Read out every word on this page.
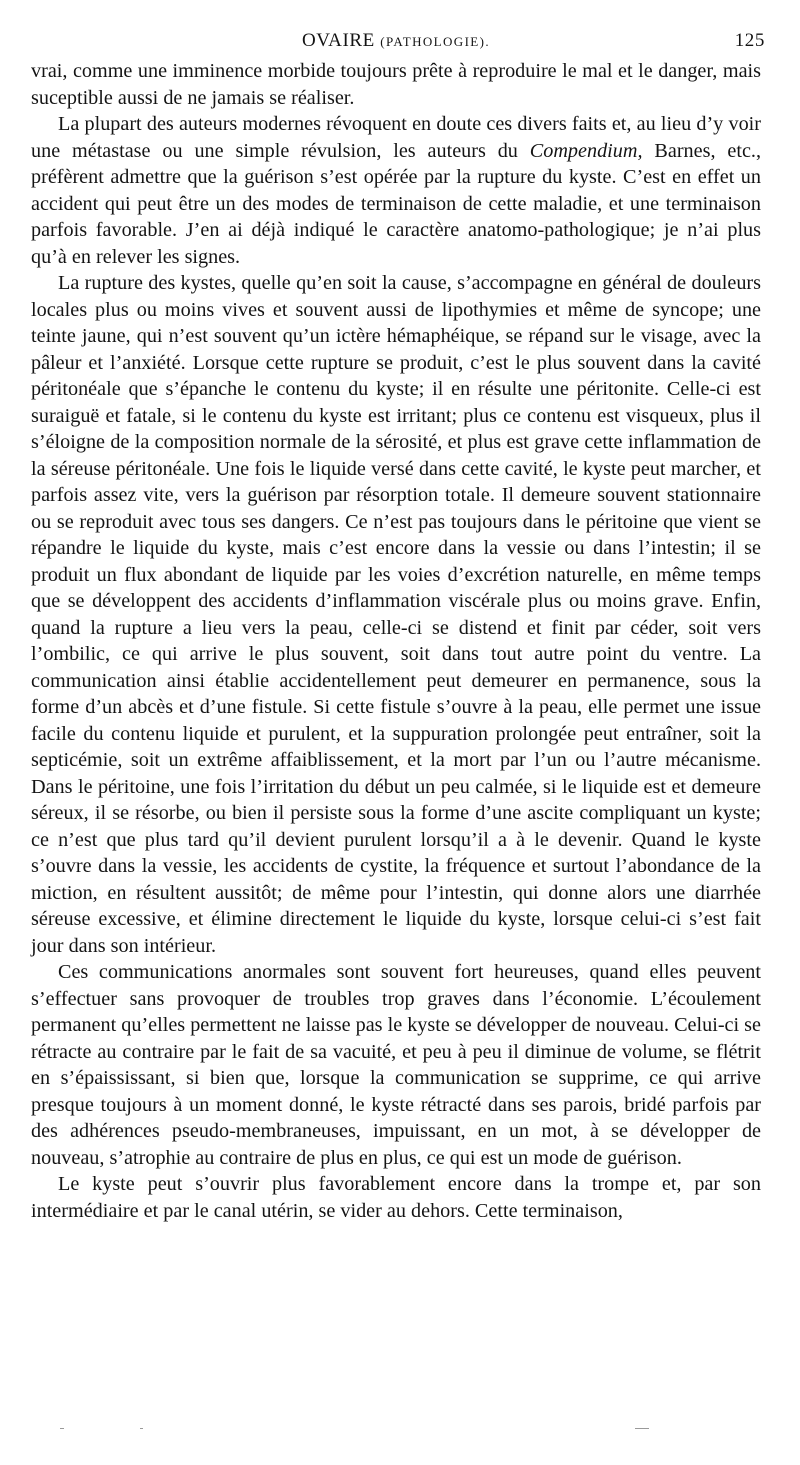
OVAIRE (PATHOLOGIE).	125

vrai, comme une imminence morbide toujours prête à reproduire le mal et le danger, mais suceptible aussi de ne jamais se réaliser.

La plupart des auteurs modernes révoquent en doute ces divers faits et, au lieu d’y voir une métastase ou une simple révulsion, les auteurs du Compendium, Barnes, etc., préfèrent admettre que la guérison s’est opérée par la rupture du kyste. C’est en effet un accident qui peut être un des modes de terminaison de cette maladie, et une terminaison parfois favorable. J’en ai déjà indiqué le caractère anatomo-pathologique; je n’ai plus qu’à en relever les signes.

La rupture des kystes, quelle qu’en soit la cause, s’accompagne en général de douleurs locales plus ou moins vives et souvent aussi de lipothymies et même de syncope; une teinte jaune, qui n’est souvent qu’un ictère hémaphéique, se répand sur le visage, avec la pâleur et l’anxiété. Lorsque cette rupture se produit, c’est le plus souvent dans la cavité péritonéale que s’épanche le contenu du kyste; il en résulte une péritonite. Celle-ci est suraiguë et fatale, si le contenu du kyste est irritant; plus ce contenu est visqueux, plus il s’éloigne de la composition normale de la sérosité, et plus est grave cette inflammation de la séreuse péritonéale. Une fois le liquide versé dans cette cavité, le kyste peut marcher, et parfois assez vite, vers la guérison par résorption totale. Il demeure souvent stationnaire ou se reproduit avec tous ses dangers. Ce n’est pas toujours dans le péritoine que vient se répandre le liquide du kyste, mais c’est encore dans la vessie ou dans l’intestin; il se produit un flux abondant de liquide par les voies d’excrétion naturelle, en même temps que se développent des accidents d’inflammation viscérale plus ou moins grave. Enfin, quand la rupture a lieu vers la peau, celle-ci se distend et finit par céder, soit vers l’ombilic, ce qui arrive le plus souvent, soit dans tout autre point du ventre. La communication ainsi établie accidentellement peut demeurer en permanence, sous la forme d’un abcès et d’une fistule. Si cette fistule s’ouvre à la peau, elle permet une issue facile du contenu liquide et purulent, et la suppuration prolongée peut entraîner, soit la septicémie, soit un extrême affaiblissement, et la mort par l’un ou l’autre mécanisme. Dans le péritoine, une fois l’irritation du début un peu calmée, si le liquide est et demeure séreux, il se résorbe, ou bien il persiste sous la forme d’une ascite compliquant un kyste; ce n’est que plus tard qu’il devient purulent lorsqu’il a à le devenir. Quand le kyste s’ouvre dans la vessie, les accidents de cystite, la fréquence et surtout l’abondance de la miction, en résultent aussitôt; de même pour l’intestin, qui donne alors une diarrhée séreuse excessive, et élimine directement le liquide du kyste, lorsque celui-ci s’est fait jour dans son intérieur.

Ces communications anormales sont souvent fort heureuses, quand elles peuvent s’effectuer sans provoquer de troubles trop graves dans l’économie. L’écoulement permanent qu’elles permettent ne laisse pas le kyste se développer de nouveau. Celui-ci se rétracte au contraire par le fait de sa vacuité, et peu à peu il diminue de volume, se flétrit en s’épaississant, si bien que, lorsque la communication se supprime, ce qui arrive presque toujours à un moment donné, le kyste rétracté dans ses parois, bridé parfois par des adhérences pseudo-membraneuses, impuissant, en un mot, à se développer de nouveau, s’atrophie au contraire de plus en plus, ce qui est un mode de guérison.

Le kyste peut s’ouvrir plus favorablement encore dans la trompe et, par son intermédiaire et par le canal utérin, se vider au dehors. Cette terminaison,
